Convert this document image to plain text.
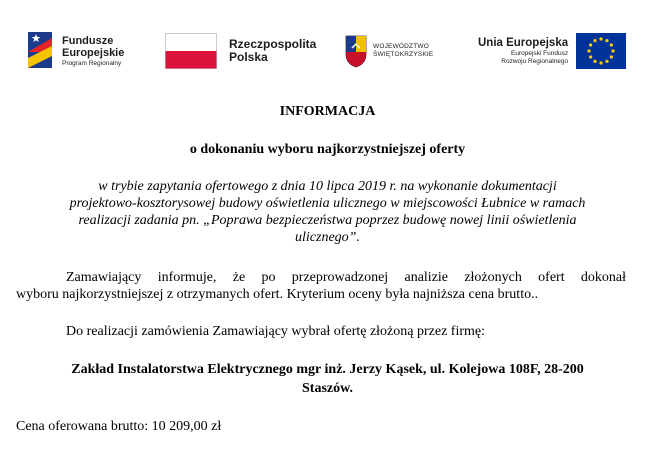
Fundusze
Europejskie
Program Regionalny
Rzeczpospolita
Polska
WOJEWÓDZTWO
ŚWIĘTOKRZYSKIE
Unia Europejska
Europejski Fundusz
Rozwoju Regionalnego
INFORMACJA
o dokonaniu wyboru najkorzystniejszej oferty
w trybie zapytania ofertowego z dnia 10 lipca 2019 r. na wykonanie dokumentacji
projektowo-kosztorysowej budowy oświetlenia ulicznego w miejscowości Łubnice w ramach
realizacji zadania pn. „Poprawa bezpieczeństwa poprzez budowę nowej linii oświetlenia
ulicznego”.
Zamawiający informuje, że po przeprowadzonej analizie złożonych ofert dokonał
wyboru najkorzystniejszej z otrzymanych ofert. Kryterium oceny była najniższa cena brutto..
Do realizacji zamówienia Zamawiający wybrał ofertę złożoną przez firmę:
Zakład Instalatorstwa Elektrycznego mgr inż. Jerzy Kąsek, ul. Kolejowa 108F, 28-200
Staszów.
Cena oferowana brutto: 10 209,00 zł
